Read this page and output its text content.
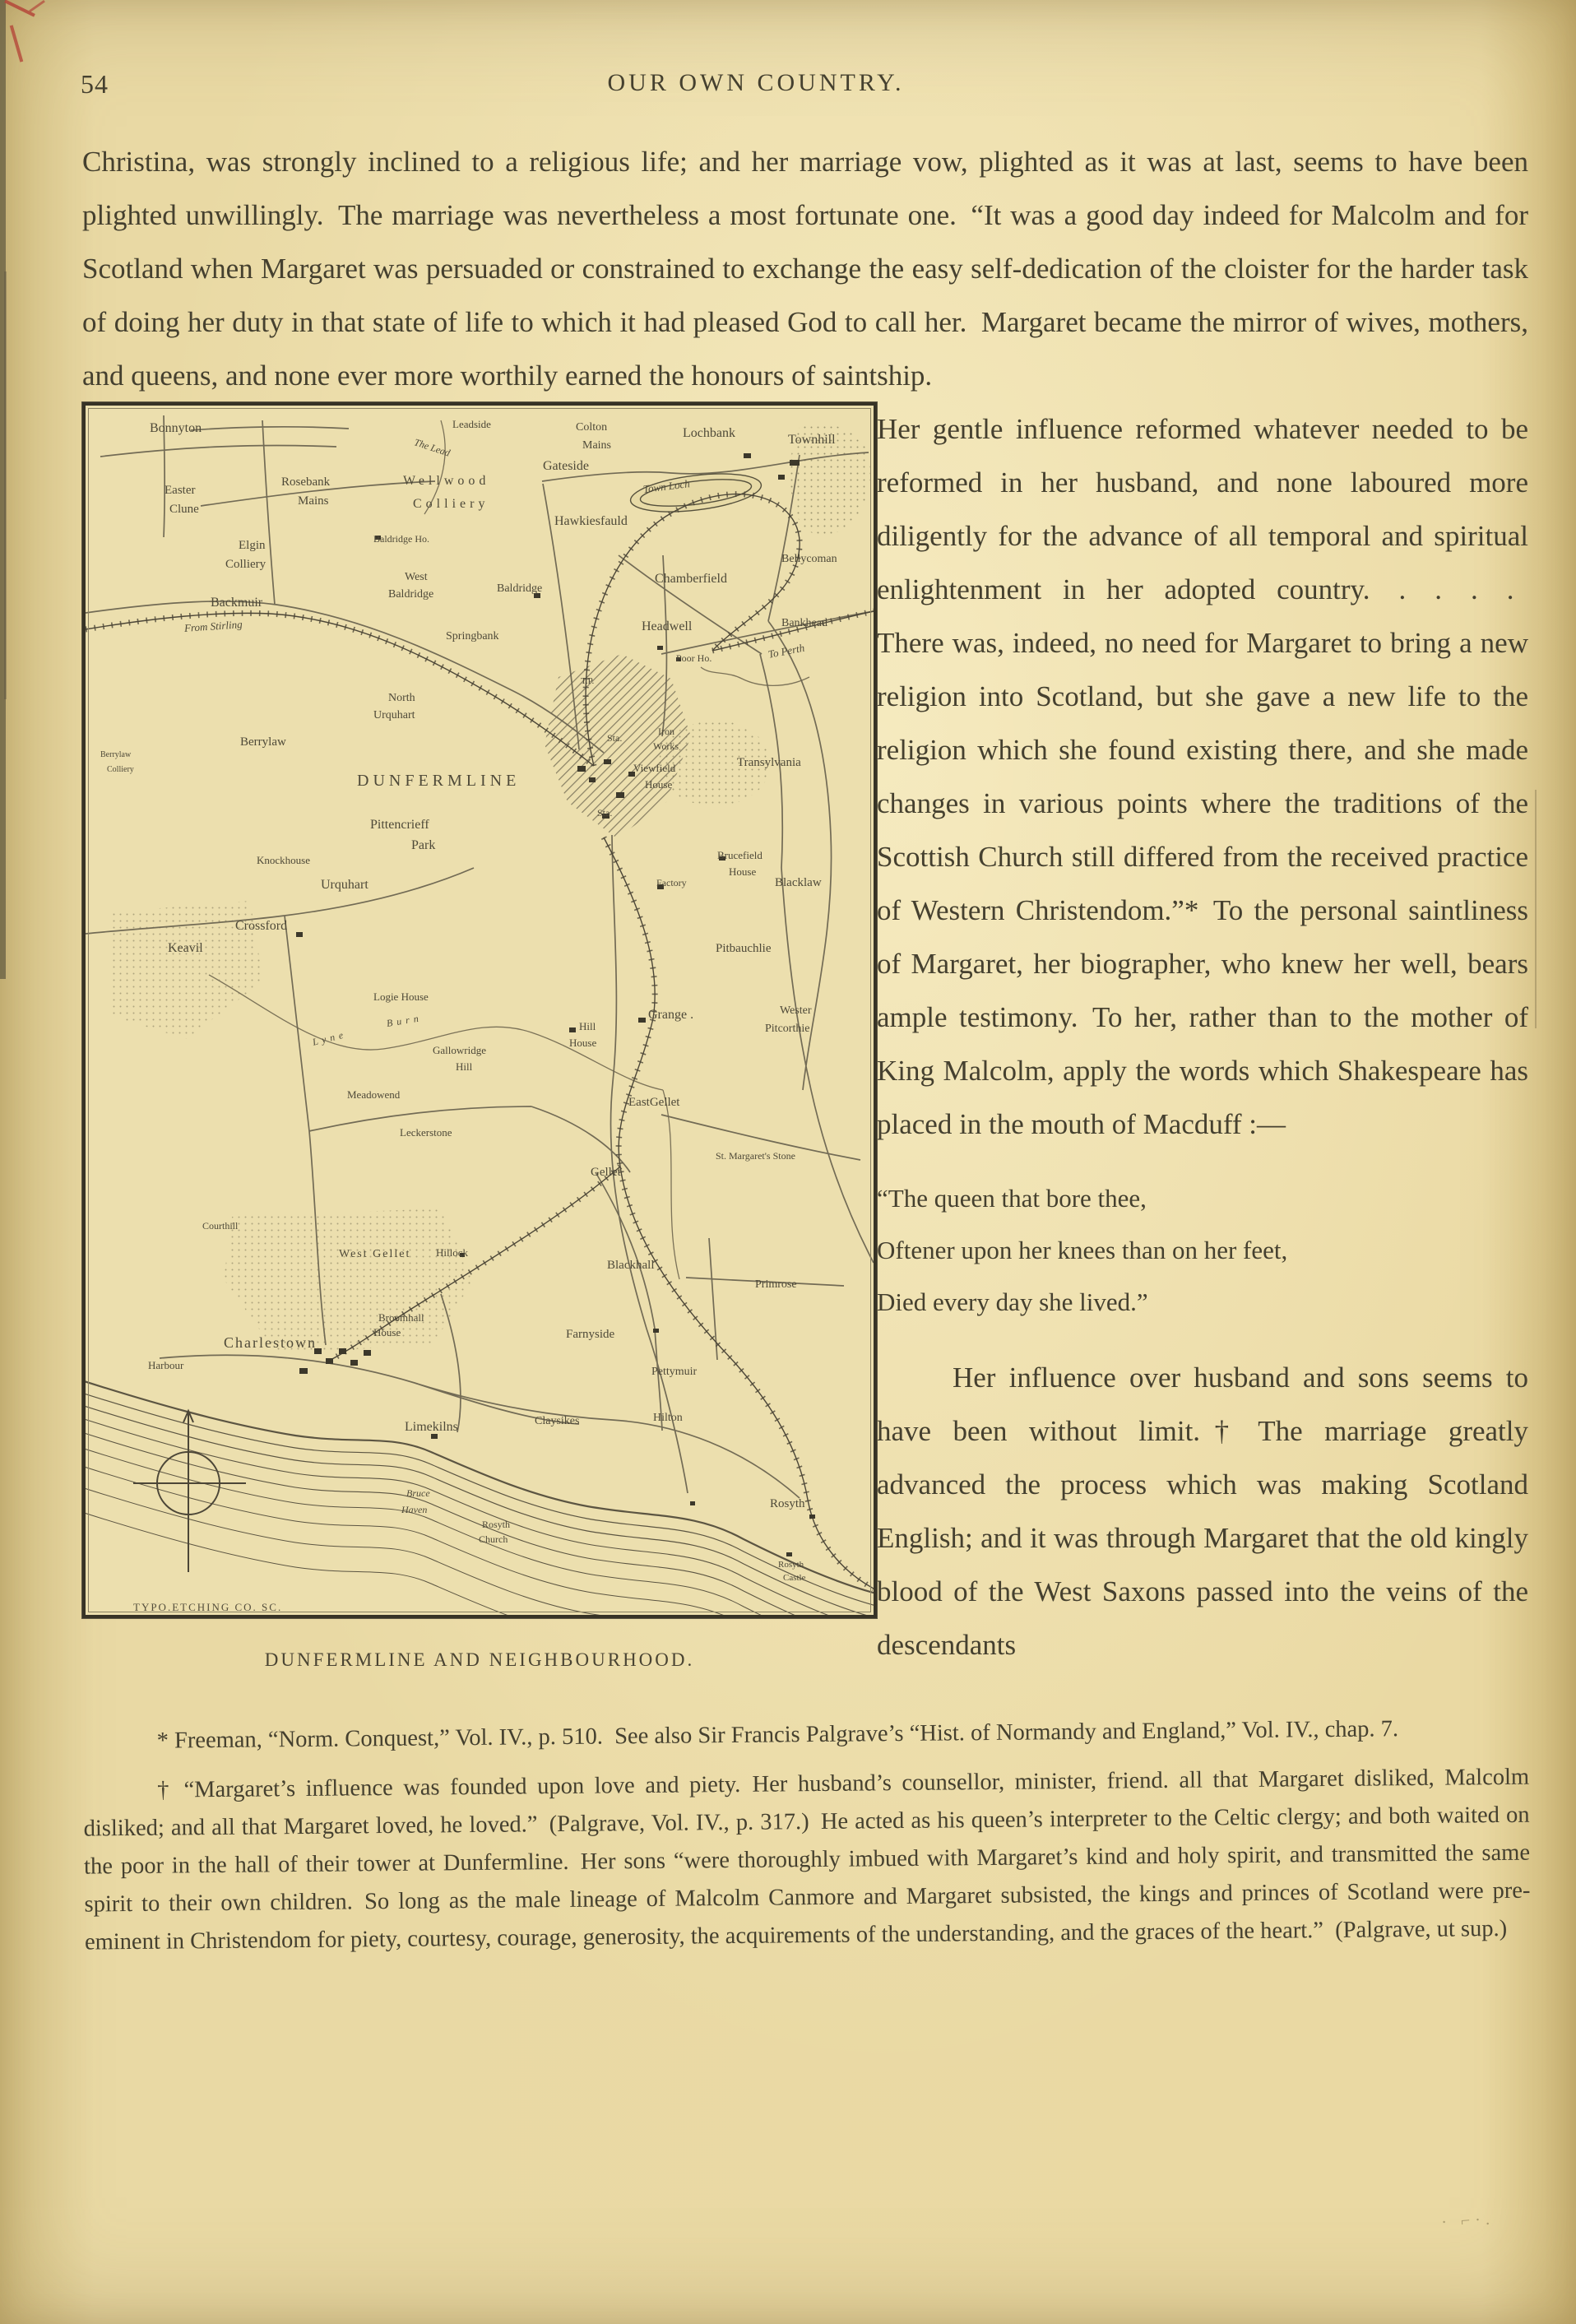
· ⌐·.
54	OUR OWN COUNTRY.

Christina, was strongly inclined to a religious life; and her marriage vow, plighted as it was at last, seems to have been plighted unwillingly. The marriage was nevertheless a most fortunate one. “It was a good day indeed for Malcolm and for Scotland when Margaret was persuaded or constrained to exchange the easy self-dedication of the cloister for the harder task of doing her duty in that state of life to which it had pleased God to call her. Margaret became the mirror of wives, mothers, and queens, and none ever more worthily earned the honours of saintship.

Bonnyton
Easter
Clune
Rosebank
Mains
Elgin
Colliery
Wellwood
Colliery
Baldridge Ho.
West
Baldridge
Backmuir
From Stirling
Springbank
North
Urquhart
Leadside
The Lead
Colton
Mains
Gateside
Lochbank	Townhill
Town Loch
Hawkiesfauld
Bellycoman
Baldridge
Chamberfield
Headwell
Poor Ho.
Bankhead
To Perth
T.P.
Berrylaw
Berrylaw
Colliery
DUNFERMLINE
Pittencrieff
Park
Knockhouse
Urquhart
Crossford
Keavil
Logie House
Lyne
Burn	Hill
House
Grange .
Sta.
Iron
Works
Viewfield
House
Sta.
Transylvania
Brucefield
House
Factory	Blacklaw
Pitbauchlie
Wester
Pitcorthie
EastGellet
Gellet
St. Margaret's Stone
Gallowridge
Hill
Meadowend
Leckerstone
Courthill
West Gellet Hillock
Blackhall
Primrose
Farnyside
Pettymuir
Claysikes	Hilton
Limekilns
Broomhall
House
Charlestown
Harbour
Bruce
Haven
Rosyth
Church
Rosyth
Rosyth
Castle
TYPO.ETCHING CO. SC.
DUNFERMLINE AND NEIGHBOURHOOD.

Her gentle influence reformed whatever needed to be reformed in her husband, and none laboured more diligently for the advance of all temporal and spiritual enlightenment in her adopted country. . . . . There was, indeed, no need for Margaret to bring a new religion into Scotland, but she gave a new life to the religion which she found existing there, and she made changes in various points where the traditions of the Scottish Church still differed from the received practice of Western Christendom.”* To the personal saintliness of Margaret, her biographer, who knew her well, bears ample testimony. To her, rather than to the mother of King Malcolm, apply the words which Shakespeare has placed in the mouth of Macduff :—

“The queen that bore thee,
Oftener upon her knees than on her feet,
Died every day she lived.”

Her influence over husband and sons seems to have been without limit.† The marriage greatly advanced the process which was making Scotland English; and it was through Margaret that the old kingly blood of the West Saxons passed into the veins of the descendants

* Freeman, “Norm. Conquest,” Vol. IV., p. 510. See also Sir Francis Palgrave’s “Hist. of Normandy and England,” Vol. IV., chap. 7.

† “Margaret’s influence was founded upon love and piety. Her husband’s counsellor, minister, friend. all that Margaret disliked, Malcolm disliked; and all that Margaret loved, he loved.” (Palgrave, Vol. IV., p. 317.) He acted as his queen’s interpreter to the Celtic clergy; and both waited on the poor in the hall of their tower at Dunfermline. Her sons “were thoroughly imbued with Margaret’s kind and holy spirit, and transmitted the same spirit to their own children. So long as the male lineage of Malcolm Canmore and Margaret subsisted, the kings and princes of Scotland were pre-eminent in Christendom for piety, courtesy, courage, generosity, the acquirements of the understanding, and the graces of the heart.” (Palgrave, ut sup.)
